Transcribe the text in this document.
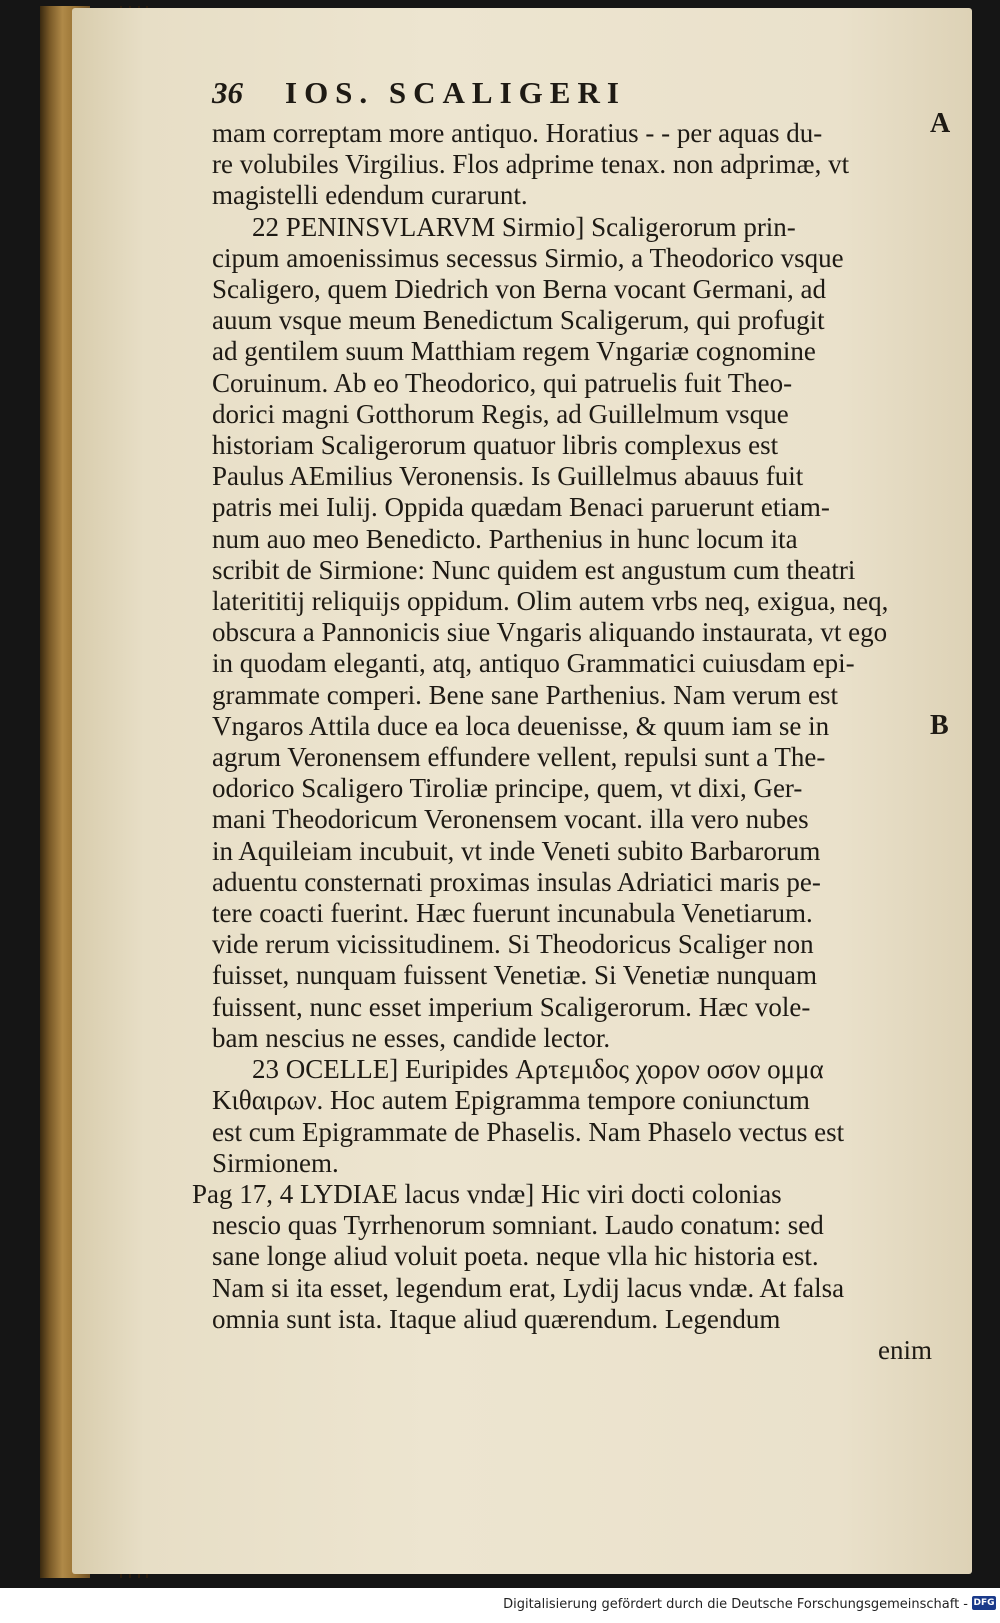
36 IOS. SCALIGERI
mam correptam more antiquo. Horatius - - per aquas du-
re volubiles Virgilius. Flos adprime tenax. non adprimæ, vt
magistelli edendum curarunt.
22 PENINSVLARVM Sirmio] Scaligerorum prin-
cipum amoenissimus secessus Sirmio, a Theodorico vsque
Scaligero, quem Diedrich von Berna vocant Germani, ad
auum vsque meum Benedictum Scaligerum, qui profugit
ad gentilem suum Matthiam regem Vngariæ cognomine
Coruinum. Ab eo Theodorico, qui patruelis fuit Theo-
dorici magni Gotthorum Regis, ad Guillelmum vsque
historiam Scaligerorum quatuor libris complexus est
Paulus AEmilius Veronensis. Is Guillelmus abauus fuit
patris mei Iulij. Oppida quædam Benaci paruerunt etiam-
num auo meo Benedicto. Parthenius in hunc locum ita
scribit de Sirmione: Nunc quidem est angustum cum theatri
laterititij reliquijs oppidum. Olim autem vrbs neq, exigua, neq,
obscura a Pannonicis siue Vngaris aliquando instaurata, vt ego
in quodam eleganti, atq, antiquo Grammatici cuiusdam epi-
grammate comperi. Bene sane Parthenius. Nam verum est
Vngaros Attila duce ea loca deuenisse, & quum iam se in
agrum Veronensem effundere vellent, repulsi sunt a The-
odorico Scaligero Tiroliæ principe, quem, vt dixi, Ger-
mani Theodoricum Veronensem vocant. illa vero nubes
in Aquileiam incubuit, vt inde Veneti subito Barbarorum
aduentu consternati proximas insulas Adriatici maris pe-
tere coacti fuerint. Hæc fuerunt incunabula Venetiarum.
vide rerum vicissitudinem. Si Theodoricus Scaliger non
fuisset, nunquam fuissent Venetiæ. Si Venetiæ nunquam
fuissent, nunc esset imperium Scaligerorum. Hæc vole-
bam nescius ne esses, candide lector.
23 OCELLE] Euripides Αρτεμιδος χορον οσον ομμα
Κιθαιρων. Hoc autem Epigramma tempore coniunctum
est cum Epigrammate de Phaselis. Nam Phaselo vectus est
Sirmionem.
Pag 17, 4 LYDIAE lacus vndæ] Hic viri docti colonias
nescio quas Tyrrhenorum somniant. Laudo conatum: sed
sane longe aliud voluit poeta. neque vlla hic historia est.
Nam si ita esset, legendum erat, Lydij lacus vndæ. At falsa
omnia sunt ista. Itaque aliud quærendum. Legendum
enim
A
B
Digitalisierung gefördert durch die Deutsche Forschungsgemeinschaft - DFG
